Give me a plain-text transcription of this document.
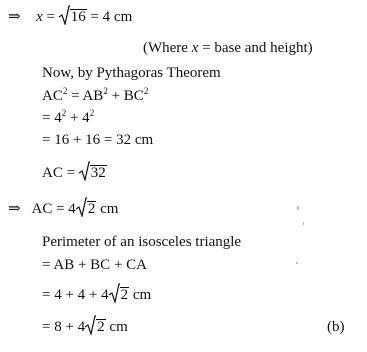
⇒ x =
16 = 4 cm
(Where x = base and height)
Now, by Pythagoras Theorem
$AC^2 = AB^2 + BC^2$
= $4^2 + 4^2$
= 16 + 16 = 32 cm
AC =
32
⇒ AC = 4 2 cm
Perimeter of an isosceles triangle
= AB + BC + CA
= 4 + 4 + 4 2 cm
= 8 + 4 2 cm	(b)
